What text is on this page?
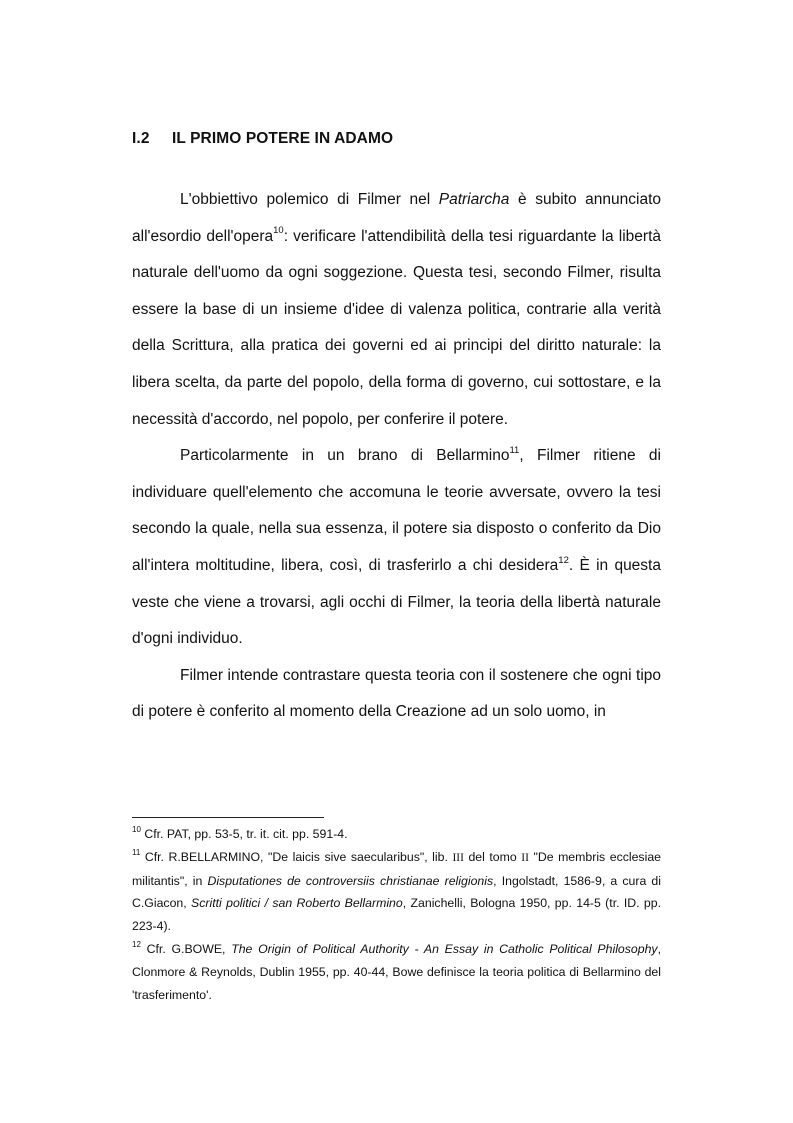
I.2 IL PRIMO POTERE IN ADAMO

L'obbiettivo polemico di Filmer nel Patriarcha è subito annunciato all'esordio dell'opera$^{10}$: verificare l'attendibilità della tesi riguardante la libertà naturale dell'uomo da ogni soggezione. Questa tesi, secondo Filmer, risulta essere la base di un insieme d'idee di valenza politica, contrarie alla verità della Scrittura, alla pratica dei governi ed ai principi del diritto naturale: la libera scelta, da parte del popolo, della forma di governo, cui sottostare, e la necessità d'accordo, nel popolo, per conferire il potere.

Particolarmente in un brano di Bellarmino$^{11}$, Filmer ritiene di individuare quell'elemento che accomuna le teorie avversate, ovvero la tesi secondo la quale, nella sua essenza, il potere sia disposto o conferito da Dio all'intera moltitudine, libera, così, di trasferirlo a chi desidera$^{12}$. È in questa veste che viene a trovarsi, agli occhi di Filmer, la teoria della libertà naturale d'ogni individuo.

Filmer intende contrastare questa teoria con il sostenere che ogni tipo di potere è conferito al momento della Creazione ad un solo uomo, in

$^{10}$ Cfr. PAT, pp. 53-5, tr. it. cit. pp. 591-4.

$^{11}$ Cfr. R.BELLARMINO, "De laicis sive saecularibus", lib. III del tomo II "De membris ecclesiae militantis", in Disputationes de controversiis christianae religionis, Ingolstadt, 1586-9, a cura di C.Giacon, Scritti politici / san Roberto Bellarmino, Zanichelli, Bologna 1950, pp. 14-5 (tr. ID. pp. 223-4).

$^{12}$ Cfr. G.BOWE, The Origin of Political Authority - An Essay in Catholic Political Philosophy, Clonmore & Reynolds, Dublin 1955, pp. 40-44, Bowe definisce la teoria politica di Bellarmino del 'trasferimento'.
